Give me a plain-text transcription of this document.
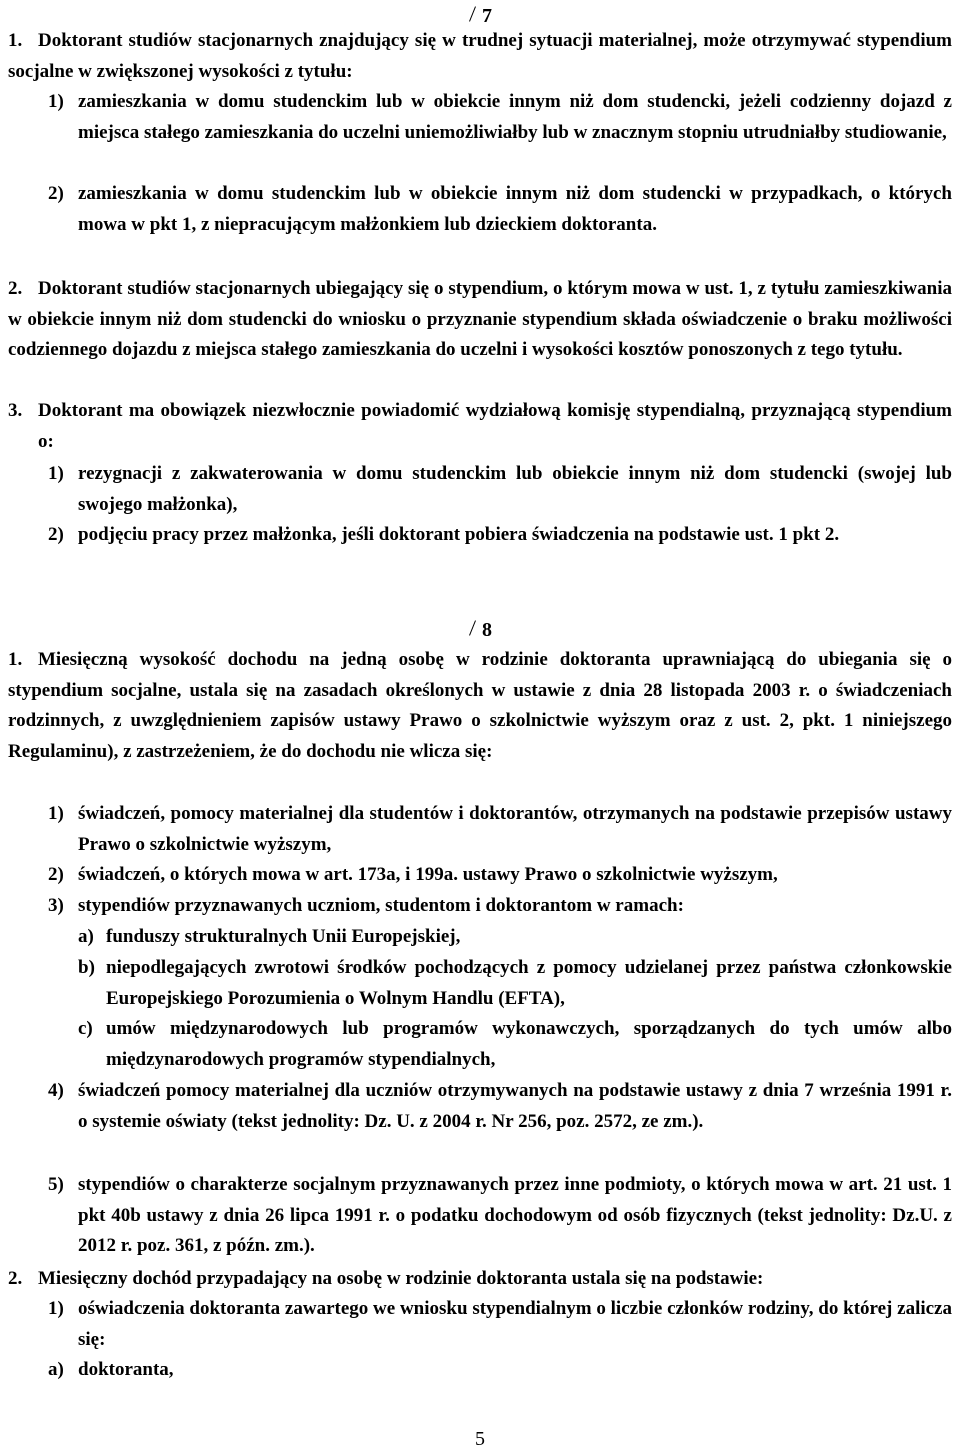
7
1. Doktorant studiów stacjonarnych znajdujący się w trudnej sytuacji materialnej, może otrzymywać stypendium socjalne w zwiększonej wysokości z tytułu:
1) zamieszkania w domu studenckim lub w obiekcie innym niż dom studencki, jeżeli codzienny dojazd z miejsca stałego zamieszkania do uczelni uniemożliwiałby lub w znacznym stopniu utrudniałby studiowanie,
2) zamieszkania w domu studenckim lub w obiekcie innym niż dom studencki w przypadkach, o których mowa w pkt 1, z niepracującym małżonkiem lub dzieckiem doktoranta.
2. Doktorant studiów stacjonarnych ubiegający się o stypendium, o którym mowa w ust. 1, z tytułu zamieszkiwania w obiekcie innym niż dom studencki do wniosku o przyznanie stypendium składa oświadczenie o braku możliwości codziennego dojazdu z miejsca stałego zamieszkania do uczelni i wysokości kosztów ponoszonych z tego tytułu.
3. Doktorant ma obowiązek niezwłocznie powiadomić wydziałową komisję stypendialną, przyznającą stypendium o:
1) rezygnacji z zakwaterowania w domu studenckim lub obiekcie innym niż dom studencki (swojej lub swojego małżonka),
2) podjęciu pracy przez małżonka, jeśli doktorant pobiera świadczenia na podstawie ust. 1 pkt 2.
8
1. Miesięczną wysokość dochodu na jedną osobę w rodzinie doktoranta uprawniającą do ubiegania się o stypendium socjalne, ustala się na zasadach określonych w ustawie z dnia 28 listopada 2003 r. o świadczeniach rodzinnych, z uwzględnieniem zapisów ustawy Prawo o szkolnictwie wyższym oraz z ust. 2, pkt. 1 niniejszego Regulaminu), z zastrzeżeniem, że do dochodu nie wlicza się:
1) świadczeń, pomocy materialnej dla studentów i doktorantów, otrzymanych na podstawie przepisów ustawy Prawo o szkolnictwie wyższym,
2) świadczeń, o których mowa w art. 173a, i 199a. ustawy Prawo o szkolnictwie wyższym,
3) stypendiów przyznawanych uczniom, studentom i doktorantom w ramach:
a) funduszy strukturalnych Unii Europejskiej,
b) niepodlegających zwrotowi środków pochodzących z pomocy udzielanej przez państwa członkowskie Europejskiego Porozumienia o Wolnym Handlu (EFTA),
c) umów międzynarodowych lub programów wykonawczych, sporządzanych do tych umów albo międzynarodowych programów stypendialnych,
4) świadczeń pomocy materialnej dla uczniów otrzymywanych na podstawie ustawy z dnia 7 września 1991 r. o systemie oświaty (tekst jednolity: Dz. U. z 2004 r. Nr 256, poz. 2572, ze zm.).
5) stypendiów o charakterze socjalnym przyznawanych przez inne podmioty, o których mowa w art. 21 ust. 1 pkt 40b ustawy z dnia 26 lipca 1991 r. o podatku dochodowym od osób fizycznych (tekst jednolity: Dz.U. z 2012 r. poz. 361, z późn. zm.).
2. Miesięczny dochód przypadający na osobę w rodzinie doktoranta ustala się na podstawie:
1) oświadczenia doktoranta zawartego we wniosku stypendialnym o liczbie członków rodziny, do której zalicza się:
a) doktoranta,
5
